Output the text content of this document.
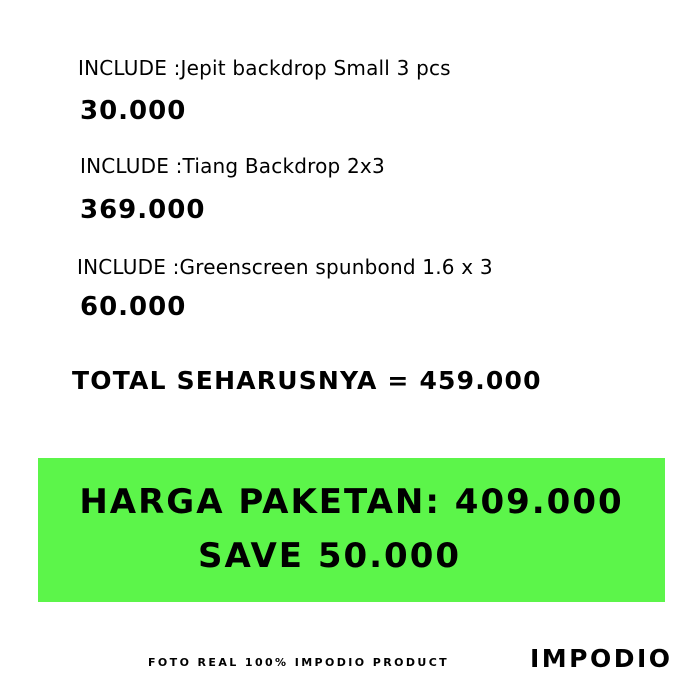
INCLUDE :Jepit backdrop Small 3 pcs
30.000
INCLUDE :Tiang Backdrop 2x3
369.000
INCLUDE :Greenscreen spunbond 1.6 x 3
60.000
TOTAL SEHARUSNYA = 459.000
HARGA PAKETAN: 409.000
SAVE 50.000
FOTO REAL 100% IMPODIO PRODUCT	IMPODIO
